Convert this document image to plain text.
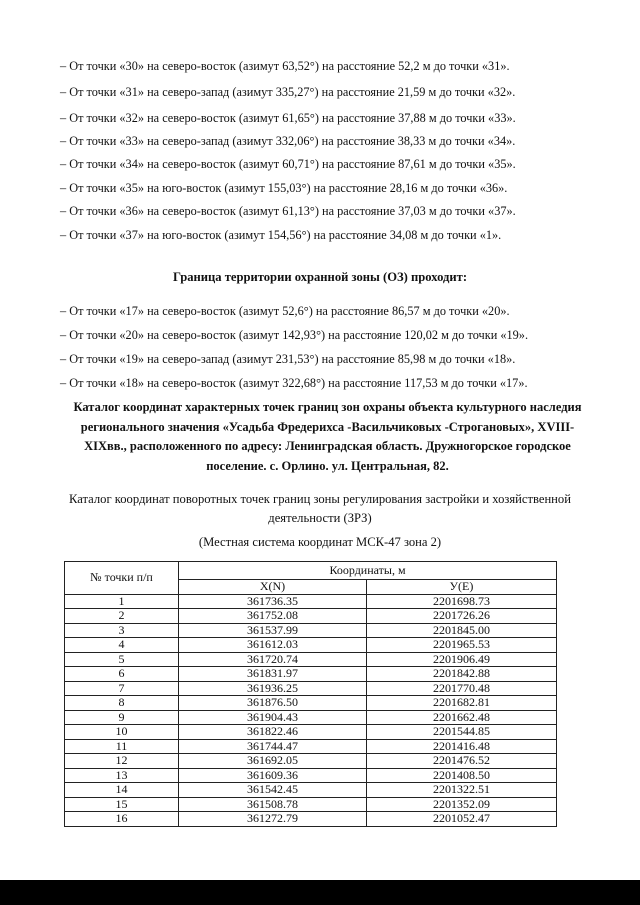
– От точки «30» на северо-восток (азимут 63,52°) на расстояние 52,2 м до точки «31».
– От точки «31» на северо-запад (азимут 335,27°) на расстояние 21,59 м до точки «32».
– От точки «32» на северо-восток (азимут 61,65°) на расстояние 37,88 м до точки «33».
– От точки «33» на северо-запад (азимут 332,06°) на расстояние 38,33 м до точки «34».
– От точки «34» на северо-восток (азимут 60,71°) на расстояние 87,61 м до точки «35».
– От точки «35» на юго-восток (азимут 155,03°) на расстояние 28,16 м до точки «36».
– От точки «36» на северо-восток (азимут 61,13°) на расстояние 37,03 м до точки «37».
– От точки «37» на юго-восток (азимут 154,56°) на расстояние 34,08 м до точки «1».
Граница территории охранной зоны (ОЗ) проходит:
– От точки «17» на северо-восток (азимут 52,6°) на расстояние 86,57 м до точки «20».
– От точки «20» на северо-восток (азимут 142,93°) на расстояние 120,02 м до точки «19».
– От точки «19» на северо-запад (азимут 231,53°) на расстояние 85,98 м до точки «18».
– От точки «18» на северо-восток (азимут 322,68°) на расстояние 117,53 м до точки «17».
Каталог координат характерных точек границ зон охраны объекта культурного наследия
регионального значения «Усадьба Фредерихса -Васильчиковых -Строгановых», XVIII-
XIXвв., расположенного по адресу: Ленинградская область. Дружногорское городское
поселение. с. Орлино. ул. Центральная, 82.
Каталог координат поворотных точек границ зоны регулирования застройки и хозяйственной
деятельности (ЗРЗ)
(Местная система координат МСК-47 зона 2)
№ точки п/п	Координаты, м	
	Х(N)	У(Е)
1	361736.35	2201698.73
2	361752.08	2201726.26
3	361537.99	2201845.00
4	361612.03	2201965.53
5	361720.74	2201906.49
6	361831.97	2201842.88
7	361936.25	2201770.48
8	361876.50	2201682.81
9	361904.43	2201662.48
10	361822.46	2201544.85
11	361744.47	2201416.48
12	361692.05	2201476.52
13	361609.36	2201408.50
14	361542.45	2201322.51
15	361508.78	2201352.09
16	361272.79	2201052.47
